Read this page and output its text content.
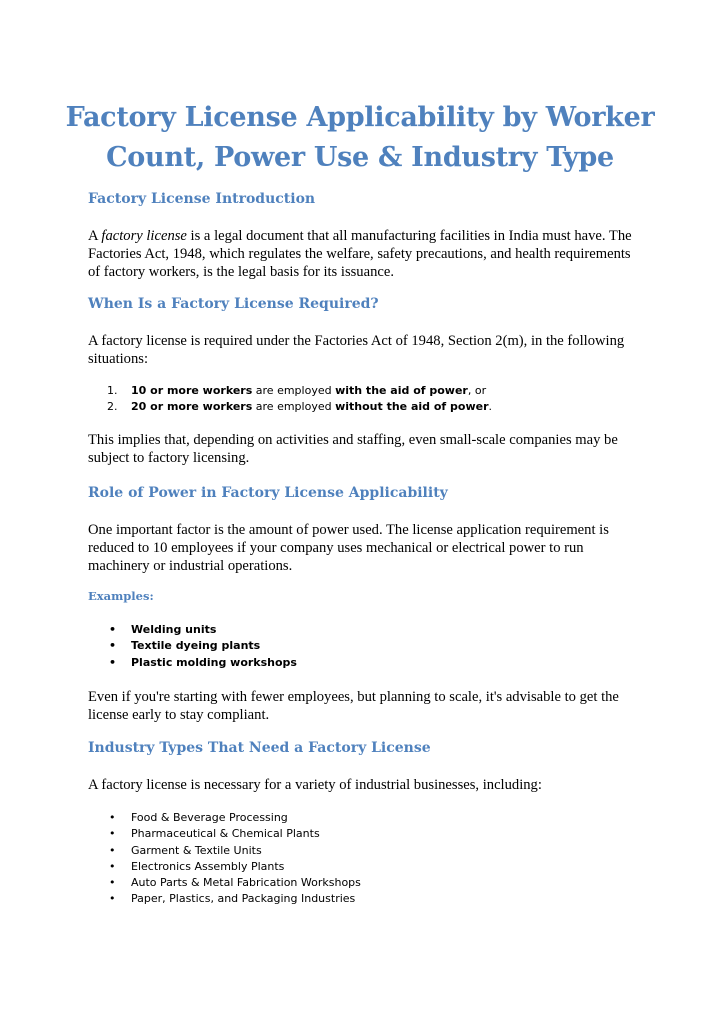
Factory License Applicability by Worker
Count, Power Use & Industry Type
Factory License Introduction

A factory license is a legal document that all manufacturing facilities in India must have. The Factories Act, 1948, which regulates the welfare, safety precautions, and health requirements of factory workers, is the legal basis for its issuance.

When Is a Factory License Required?

A factory license is required under the Factories Act of 1948, Section 2(m), in the following situations:

1. 10 or more workers are employed with the aid of power, or
2. 20 or more workers are employed without the aid of power.

This implies that, depending on activities and staffing, even small-scale companies may be subject to factory licensing.

Role of Power in Factory License Applicability

One important factor is the amount of power used. The license application requirement is reduced to 10 employees if your company uses mechanical or electrical power to run machinery or industrial operations.

Examples:
• Welding units
• Textile dyeing plants
• Plastic molding workshops

Even if you're starting with fewer employees, but planning to scale, it's advisable to get the license early to stay compliant.

Industry Types That Need a Factory License

A factory license is necessary for a variety of industrial businesses, including:

• Food & Beverage Processing
• Pharmaceutical & Chemical Plants
• Garment & Textile Units
• Electronics Assembly Plants
• Auto Parts & Metal Fabrication Workshops
• Paper, Plastics, and Packaging Industries
